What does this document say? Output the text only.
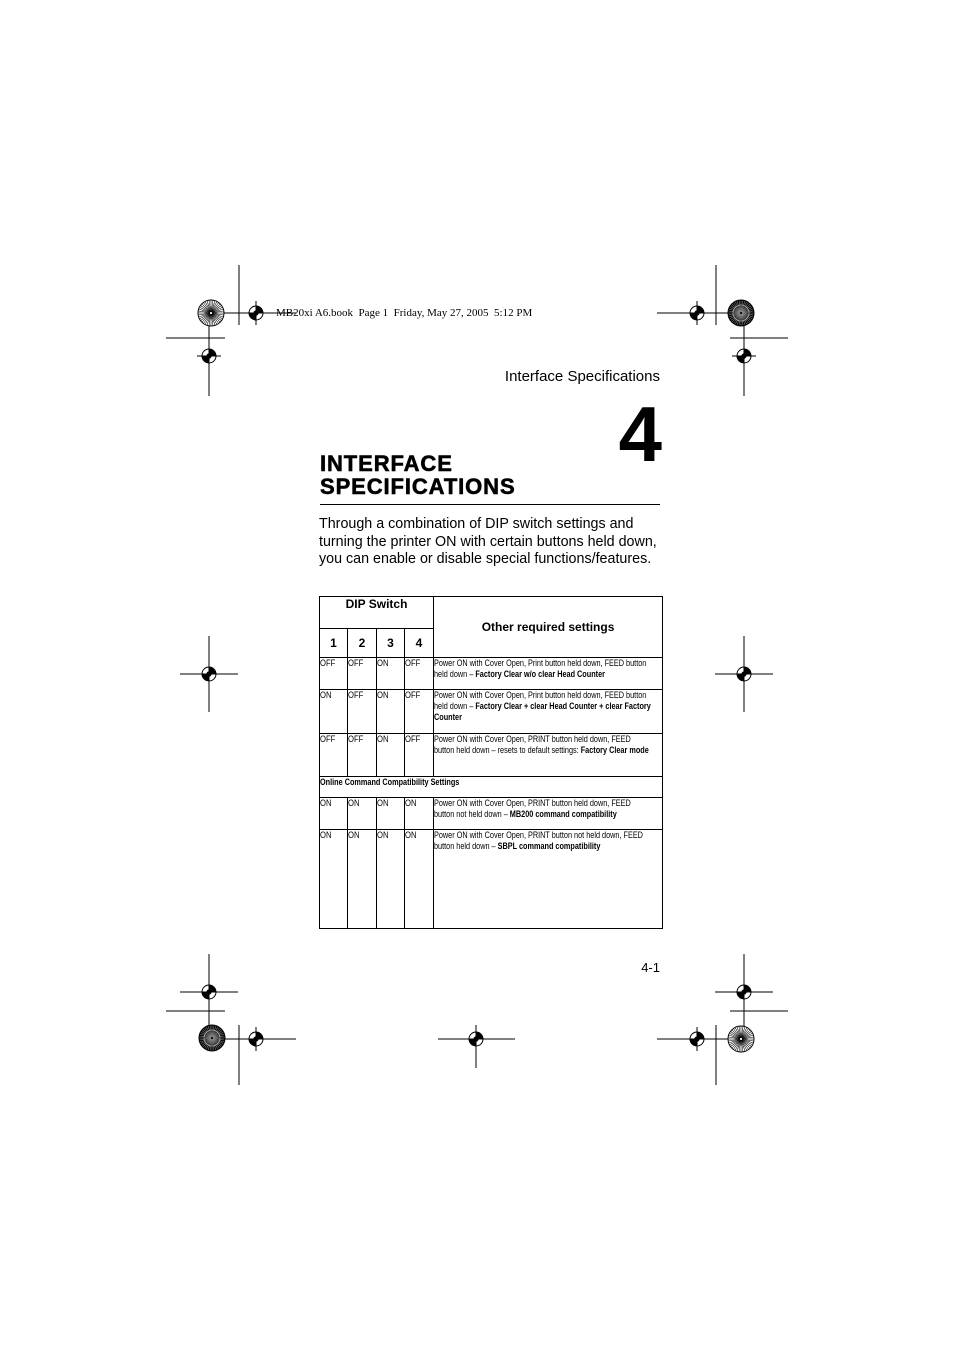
MB20xi A6.book  Page 1  Friday, May 27, 2005  5:12 PM
Interface Specifications
4
INTERFACE
SPECIFICATIONS

Through a combination of DIP switch settings and
turning the printer ON with certain buttons held down,
you can enable or disable special functions/features.

DIP Switch				Other required settings
1	2	3	4	
OFF	OFF	ON	OFF	Power ON with Cover Open, Print button held down, FEED button held down – Factory Clear w/o clear Head Counter

ON	OFF	ON	OFF	Power ON with Cover Open, Print button held down, FEED button held down – Factory Clear + clear Head Counter + clear Factory Counter

OFF	OFF	ON	OFF	Power ON with Cover Open, PRINT button held down, FEED button held down – resets to default settings: Factory Clear mode

Online Command Compatibility Settings				

ON	ON	ON	ON	Power ON with Cover Open, PRINT button held down, FEED button not held down – MB200 command compatibility

ON	ON	ON	ON	Power ON with Cover Open, PRINT button not held down, FEED button held down – SBPL command compatibility
4-1
